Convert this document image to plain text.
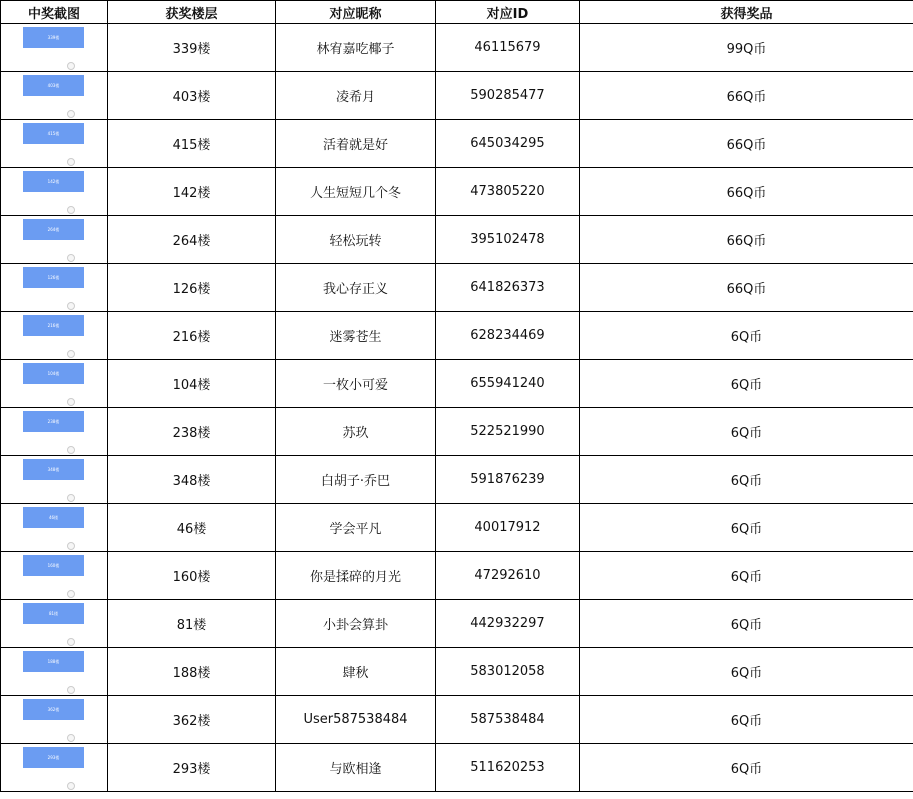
中奖截图	获奖楼层	对应昵称	对应ID	获得奖品

339楼	339楼	林宥嘉吃椰子	46115679	99Q币

403楼	403楼	凌希月	590285477	66Q币

415楼	415楼	活着就是好	645034295	66Q币

142楼	142楼	人生短短几个冬	473805220	66Q币

264楼	264楼	轻松玩转	395102478	66Q币

126楼	126楼	我心存正义	641826373	66Q币

216楼	216楼	迷雾苍生	628234469	6Q币

104楼	104楼	一枚小可爱	655941240	6Q币

238楼	238楼	苏玖	522521990	6Q币

348楼	348楼	白胡子·乔巴	591876239	6Q币

46楼	46楼	学会平凡	40017912	6Q币

160楼	160楼	你是揉碎的月光	47292610	6Q币

81楼	81楼	小卦会算卦	442932297	6Q币

188楼	188楼	肆秋	583012058	6Q币

362楼	362楼	User587538484	587538484	6Q币

293楼	293楼	与欧相逢	511620253	6Q币
